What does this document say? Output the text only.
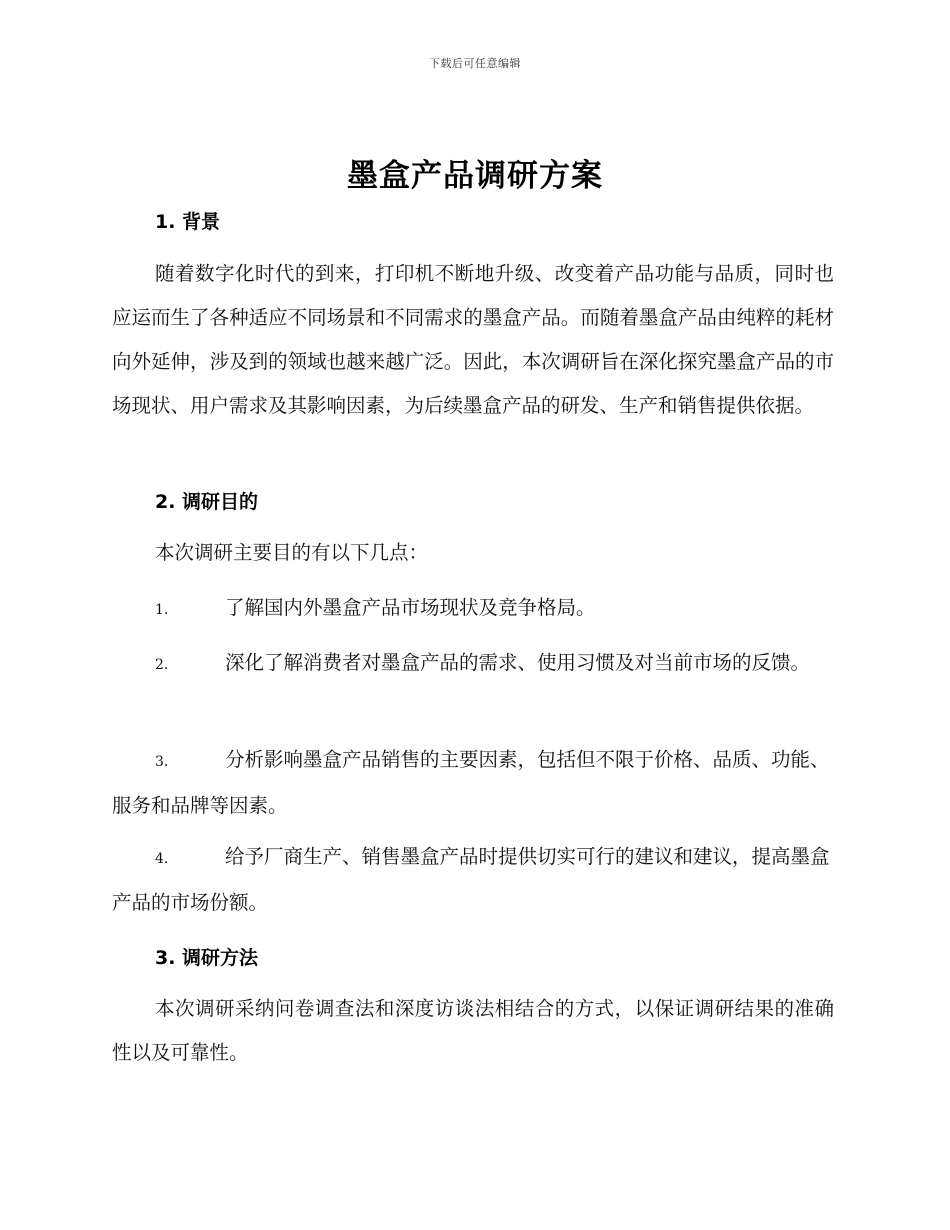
下载后可任意编辑
墨盒产品调研方案
1. 背景

随着数字化时代的到来，打印机不断地升级、改变着产品功能与品质，同时也应运而生了各种适应不同场景和不同需求的墨盒产品。而随着墨盒产品由纯粹的耗材向外延伸，涉及到的领域也越来越广泛。因此，本次调研旨在深化探究墨盒产品的市场现状、用户需求及其影响因素，为后续墨盒产品的研发、生产和销售提供依据。

2. 调研目的

本次调研主要目的有以下几点：

1.	了解国内外墨盒产品市场现状及竞争格局。

2.	深化了解消费者对墨盒产品的需求、使用习惯及对当前市场的反馈。

3.	分析影响墨盒产品销售的主要因素，包括但不限于价格、品质、功能、服务和品牌等因素。

4.	给予厂商生产、销售墨盒产品时提供切实可行的建议和建议，提高墨盒产品的市场份额。

3. 调研方法

本次调研采纳问卷调查法和深度访谈法相结合的方式，以保证调研结果的准确性以及可靠性。
